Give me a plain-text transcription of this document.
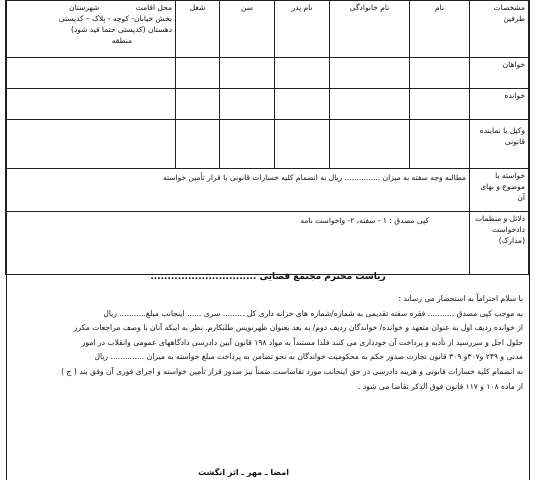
مشخصات طرفین	نام	نام خانوادگی	نام پدر	سن	شغل	محل اقامت
شهرستان
بخش خیابان- کوچه - پلاک – کدپستی
دهستان (کدپستی حتما قید شود)
منطقه

خواهان						
خوانده						
وکیل یا نماینده قانونی						
خواسته یا موضوع و بهای آن	مطالبه وجه سفته به میزان ............... ریال به انضمام کلیه خسارات قانونی با قرار تأمین خواسته					
دلائل و منظمات دادخواست (مدارک)	کپی مصدق : ۱ - سفته، ۲- واخواست نامه					
ریاست محترم مجتمع قضایی ...............................

با سلام احتراماً به استحضار می رساند :

به موجب کپی مصدق ........... فقره سفته تقدیمی به شماره/شماره های خزانه داری کل ......... سری ...... اینجانب مبلغ........... ریال

از خوانده ردیف اول به عنوان متعهد و خوانده/ خواندگان ردیف دوم/ به بعد بعنوان ظهرنویس طلبکارم. نظر به اینکه آنان با وصف مراجعات مکرر

حلول اجل و سررسید از تأدیه و پرداخت آن خودداری می کنند فلذا مستنداً به مواد ۱۹۸ قانون آیین دادرسی دادگاههای عمومی وانقلاب در امور

مدنی و ۲۴۹ و۳۰۷و ۳۰۹ قانون تجارت صدور حکم به محکومیت خواندگان به نحو تضامن به پرداخت مبلغ خواسته به میزان .............. ریال

به انضمام کلیه خسارات قانونی و هزینه دادرسی در حق اینجانب مورد تقاضاست.ضمناً نیز صدور قرار تأمین خواسته و اجرای فوری آن وفق بند ( ج )

از ماده ۱۰۸ و ۱۱۷ قانون فوق الذکر تقاضا می شود .

امضا ـ مهر ـ اثر انگشت
